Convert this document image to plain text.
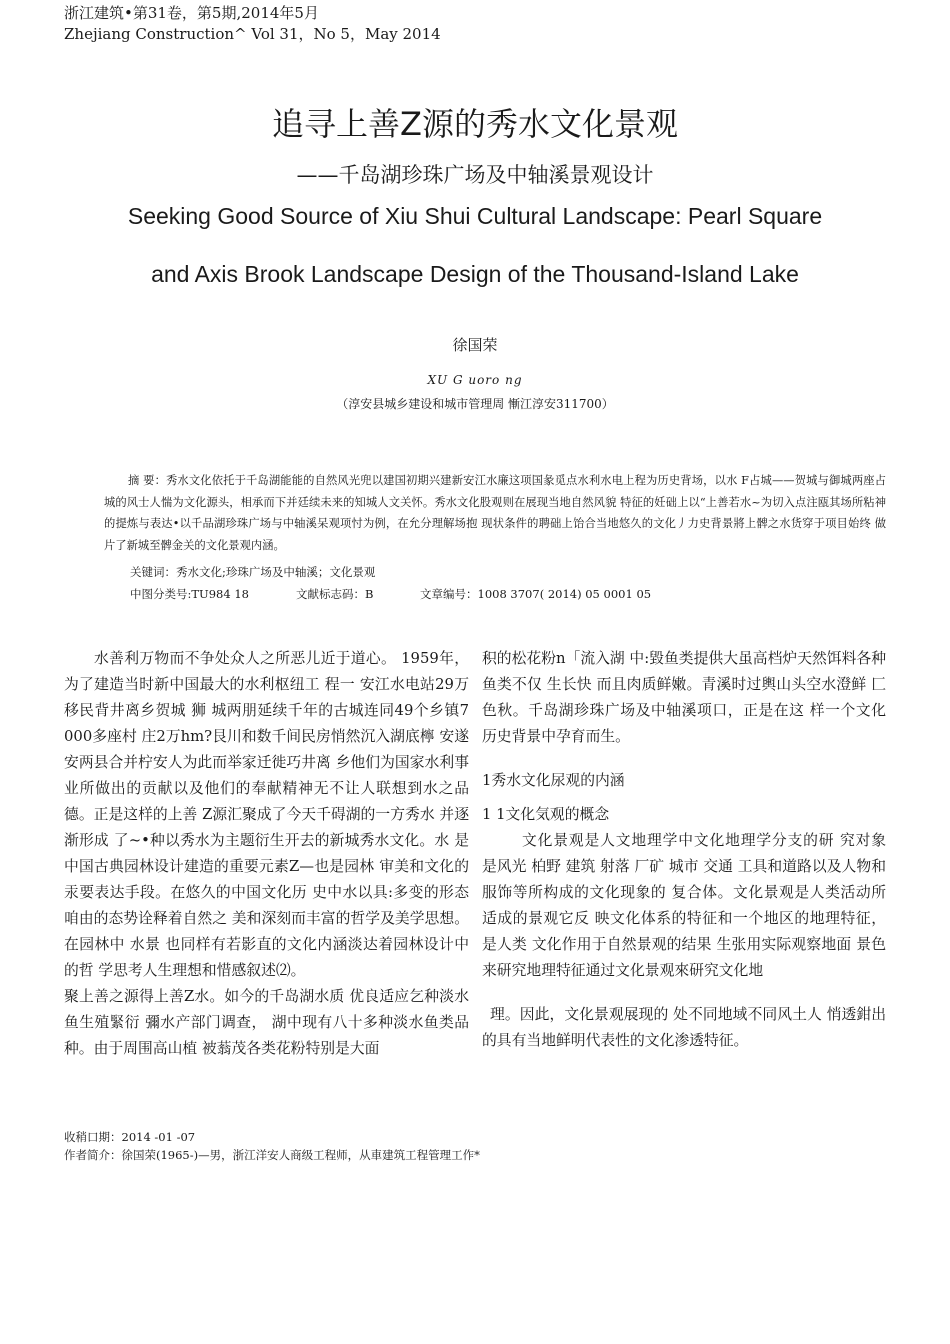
浙江建筑•第31卷，第5期,2014年5月
Zhejiang Construction^ Vol 31，No 5，May 2014
追寻上善Z源的秀水文化景观
——千岛湖珍珠广场及中轴溪景观设计
Seeking Good Source of Xiu Shui Cultural Landscape: Pearl Square
and Axis Brook Landscape Design of the Thousand-Island Lake
徐国荣
XU G uoro ng
（淳安县城乡建设和城市管理周 慚江淳安311700）

摘 要：秀水文化依托于千岛湖能能的自然风光兜以建国初期兴建新安江水廉这项国彖觅点水利水电上程为历史背场，以水 F占城——贺城与御城两座占城的风士人惴为文化源头，相承而下并廷续未来的知城人文关怀。秀水文化股观则在展现当地自然风貌 特征的妊础上以“上善若水~为切入点注瓯其场所粘神的提炼与表达•以千品湖珍珠广场与中轴溪呆观项忖为例，在允分理解场抱 现状条件的聘础上饴合当地悠久的文化丿力史背景將上髀之水货穿于项目始终 做片了新城至髀金关的文化景观内涵。

关键词：秀水文化;珍珠广场及中轴溪；文化景观
中图分类号:TU984 18	文献标志码：B	文章编号：1008 3707( 2014) 05 0001 05

水善利万物而不争处众人之所恶儿近于道心。 1959年，为了建造当时新中国最大的水利枢纽工 程一 安江水电站29万移民背井离乡贺城 狮 城两朋延续千年的古城连同49个乡镇7 000多座村 庄2万hm?艮川和数千间民房悄然沉入湖底檸 安遂安两县合并柠安人为此而举家迁徙巧井离 乡他们为国家水利事业所做出的贡献以及他们的奉献精神无不让人联想到水之品德。正是这样的上善 Z源汇聚成了今天千碍湖的一方秀水 并逐渐形成 了~•种以秀水为主题衍生开去的新城秀水文化。水 是中国古典园林设计建造的重要元素Z—也是园林 审美和文化的汞要表达手段。在悠久的中国文化历 史中水以具:多变的形态咱由的态势诠释着自然之 美和深刻而丰富的哲学及美学思想。在园林中 水景 也同样有若影直的文化内涵淡达着园林设计中的哲 学思考人生理想和惜感叙述⑵。

聚上善之源得上善Z水。如今的千岛湖水质 优良适应乞种淡水鱼生殖緊衍 彌水产部门调查， 湖中现有八十多种淡水鱼类品种。由于周围高山植 被蓊茂各类花粉特别是大面

积的松花粉n「流入湖 中:毀鱼类提供大虽高档炉天然饵料各种鱼类不仅 生长快 而且肉质鲜嫩。青溪时过輿山头空水澄鲜 匚色秋。千岛湖珍珠广场及中轴溪项口，正是在这 样一个文化历史背景中孕育而生。

1秀水文化尿观的内涵

1 1文化気观的概念

文化景观是人文地理学中文化地理学分支的研 究对象 是风光 柏野 建筑 射落 厂矿 城市 交通 工具和道路以及人物和服饰等所构成的文化现象的 复合体。文化景观是人类活动所适成的景观它反 映文化体系的特征和一个地区的地理特征，是人类 文化作用于自然景观的结果 生张用实际观察地面 景色来研究地理特征通过文化景观來研究文化地

理。因此，文化景观展现的 处不同地域不同风土人 悄透鉗出的具有当地鲜明代表性的文化渗透特征。

收稍口期：2014 -01 -07
作者简介：徐国荣(1965-)—男，浙江洋安人商级工程师，从車建筑工程管理工作*
